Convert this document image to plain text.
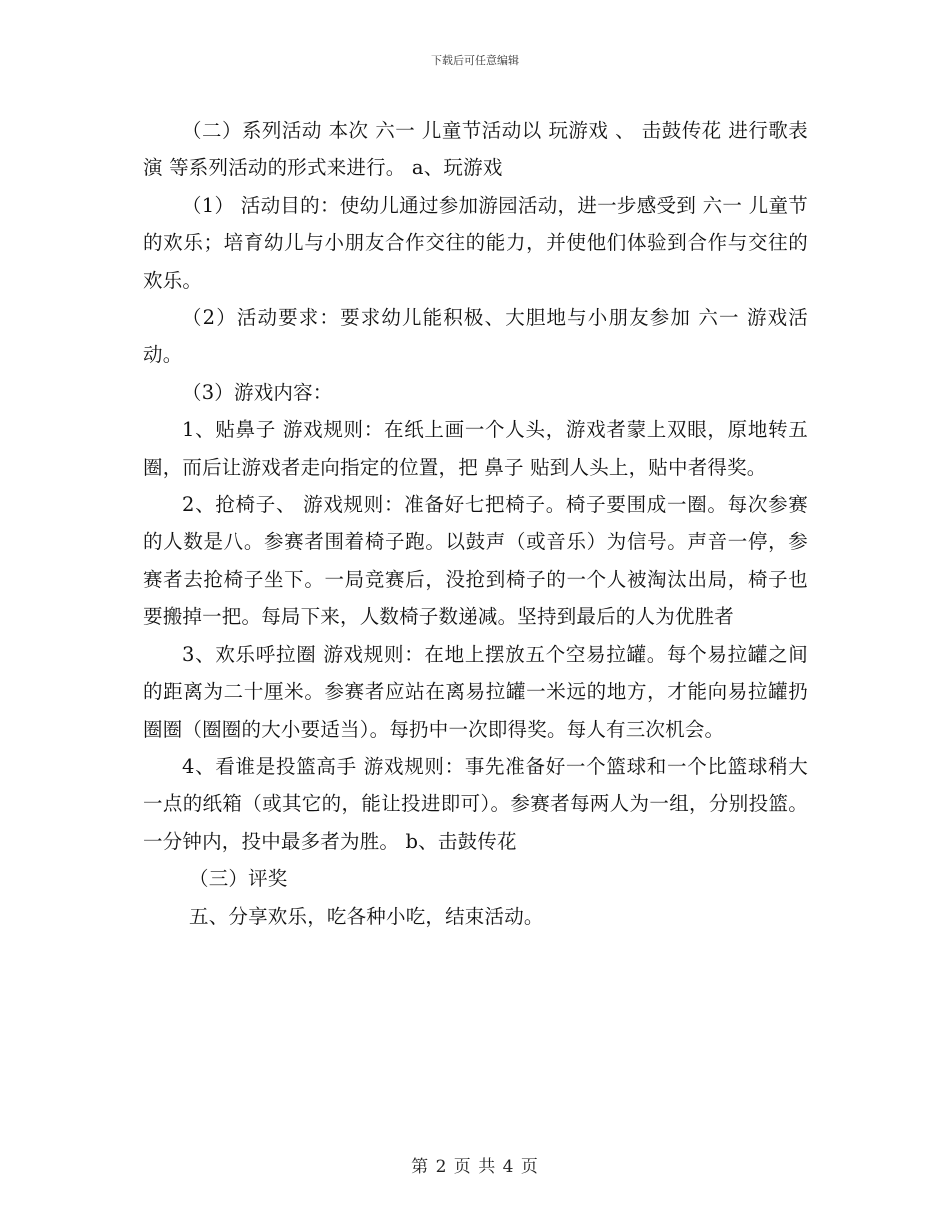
下载后可任意编辑

（二）系列活动 本次 六一 儿童节活动以 玩游戏 、 击鼓传花 进行歌表演 等系列活动的形式来进行。 a、玩游戏

（1） 活动目的：使幼儿通过参加游园活动，进一步感受到 六一 儿童节的欢乐；培育幼儿与小朋友合作交往的能力，并使他们体验到合作与交往的欢乐。

（2）活动要求：要求幼儿能积极、大胆地与小朋友参加 六一 游戏活动。

（3）游戏内容：

1、贴鼻子 游戏规则：在纸上画一个人头，游戏者蒙上双眼，原地转五圈，而后让游戏者走向指定的位置，把 鼻子 贴到人头上，贴中者得奖。

2、抢椅子、 游戏规则：准备好七把椅子。椅子要围成一圈。每次参赛的人数是八。参赛者围着椅子跑。以鼓声（或音乐）为信号。声音一停，参赛者去抢椅子坐下。一局竞赛后，没抢到椅子的一个人被淘汰出局，椅子也要搬掉一把。每局下来，人数椅子数递减。坚持到最后的人为优胜者

3、欢乐呼拉圈 游戏规则：在地上摆放五个空易拉罐。每个易拉罐之间的距离为二十厘米。参赛者应站在离易拉罐一米远的地方，才能向易拉罐扔圈圈（圈圈的大小要适当）。每扔中一次即得奖。每人有三次机会。

4、看谁是投篮高手 游戏规则：事先准备好一个篮球和一个比篮球稍大一点的纸箱（或其它的，能让投进即可）。参赛者每两人为一组，分别投篮。一分钟内，投中最多者为胜。 b、击鼓传花

（三）评奖

五、分享欢乐，吃各种小吃，结束活动。

第 2 页 共 4 页
